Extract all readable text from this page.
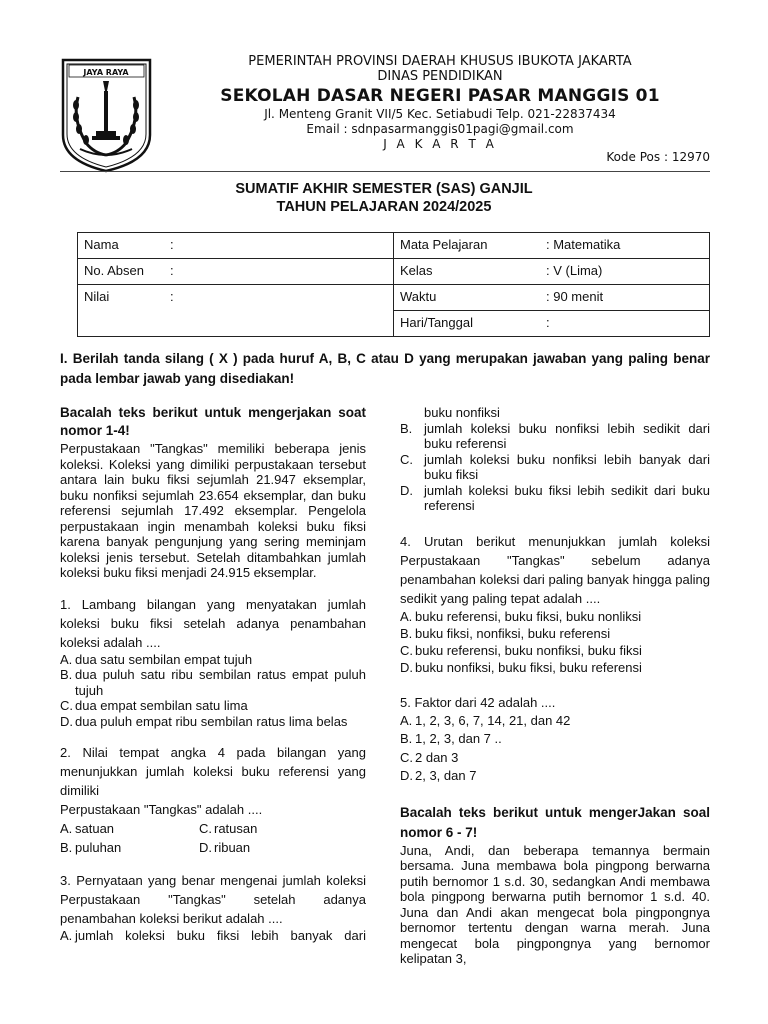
JAYA RAYA
PEMERINTAH PROVINSI DAERAH KHUSUS IBUKOTA JAKARTA
DINAS PENDIDIKAN
SEKOLAH DASAR NEGERI PASAR MANGGIS 01
Jl. Menteng Granit VII/5 Kec. Setiabudi Telp. 021-22837434
Email : sdnpasarmanggis01pagi@gmail.com
J A K A R T A
Kode Pos : 12970
SUMATIF AKHIR SEMESTER (SAS) GANJIL
TAHUN PELAJARAN 2024/2025
Nama :	Mata Pelajaran : Matematika

No. Absen :	Kelas : V (Lima)

Nilai :	Waktu : 90 menit

	Hari/Tanggal :
I. Berilah tanda silang ( X ) pada huruf A, B, C atau D yang merupakan jawaban yang paling benar pada lembar jawab yang disediakan!

Bacalah teks berikut untuk mengerjakan soat nomor 1-4!

Perpustakaan "Tangkas" memiliki beberapa jenis koleksi. Koleksi yang dimiliki perpustakaan tersebut antara lain buku fiksi sejumlah 21.947 eksemplar, buku nonfiksi sejumlah 23.654 eksemplar, dan buku referensi sejumlah 17.492 eksemplar. Pengelola perpustakaan ingin menambah koleksi buku fiksi karena banyak pengunjung yang sering meminjam koleksi jenis tersebut. Setelah ditambahkan jumlah koleksi buku fiksi menjadi 24.915 eksemplar.

1. Lambang bilangan yang menyatakan jumlah koleksi buku fiksi setelah adanya penambahan koleksi adalah ....

A. dua satu sembilan empat tujuh
B. dua puluh satu ribu sembilan ratus empat puluh tujuh
C. dua empat sembilan satu lima
D. dua puluh empat ribu sembilan ratus lima belas

2. Nilai tempat angka 4 pada bilangan yang menunjukkan jumlah koleksi buku referensi yang dimiliki

Perpustakaan "Tangkas" adalah ....

A. satuan	C. ratusan
B. puluhan	D. ribuan

3. Pernyataan yang benar mengenai jumlah koleksi Perpustakaan "Tangkas" setelah adanya penambahan koleksi berikut adalah ....

A. jumlah koleksi buku fiksi lebih banyak dari
buku nonfiksi
B. jumlah koleksi buku nonfiksi lebih sedikit dari buku referensi
C. jumlah koleksi buku nonfiksi lebih banyak dari buku fiksi
D. jumlah koleksi buku fiksi lebih sedikit dari buku referensi

4. Urutan berikut menunjukkan jumlah koleksi Perpustakaan "Tangkas" sebelum adanya penambahan koleksi dari paling banyak hingga paling sedikit yang paling tepat adalah ....

A. buku referensi, buku fiksi, buku nonliksi
B. buku fiksi, nonfiksi, buku referensi
C. buku referensi, buku nonfiksi, buku fiksi
D. buku nonfiksi, buku fiksi, buku referensi

5. Faktor dari 42 adalah ....

A. 1, 2, 3, 6, 7, 14, 21, dan 42
B. 1, 2, 3, dan 7 ..
C. 2 dan 3
D. 2, 3, dan 7

Bacalah teks berikut untuk mengerJakan soal nomor 6 - 7!

Juna, Andi, dan beberapa temannya bermain bersama. Juna membawa bola pingpong berwarna putih bernomor 1 s.d. 30, sedangkan Andi membawa bola pingpong berwarna putih bernomor 1 s.d. 40. Juna dan Andi akan mengecat bola pingpongnya bernomor tertentu dengan warna merah. Juna mengecat bola pingpongnya yang bernomor kelipatan 3,
